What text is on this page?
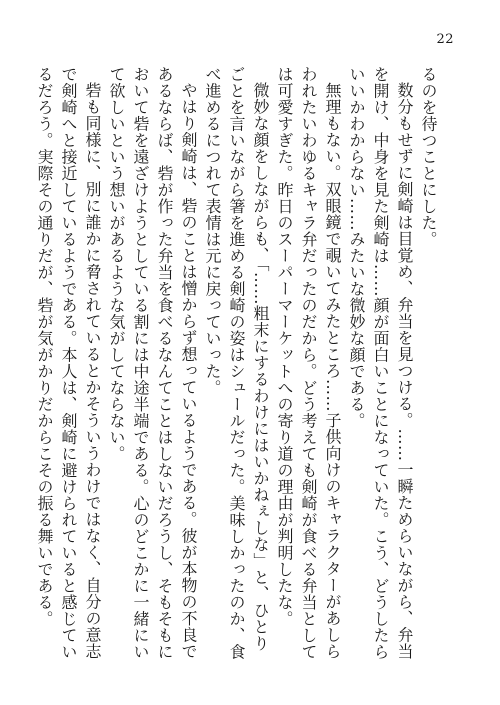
22

るのを待つことにした。

数分もせずに剣崎は目覚め、弁当を見つける。……一瞬ためらいながら、弁当を開け、中身を見た剣崎は……顔が面白いことになっていた。こう、どうしたらいいかわからない……みたいな微妙な顔である。

無理もない。双眼鏡で覗いてみたところ……子供向けのキャラクターがあしらわれたいわゆるキャラ弁だったのだから。どう考えても剣崎が食べる弁当としては可愛すぎた。昨日のスーパーマーケットへの寄り道の理由が判明したな。

微妙な顔をしながらも、「……粗末にするわけにはいかねぇしな」と、ひとりごとを言いながら箸を進める剣崎の姿はシュールだった。美味しかったのか、食べ進めるにつれて表情は元に戻っていった。

やはり剣崎は、砦のことは憎からず想っているようである。彼が本物の不良であるならば、砦が作った弁当を食べるなんてことはしないだろうし、そもそもにおいて砦を遠ざけようとしている割には中途半端である。心のどこかに一緒にいて欲しいという想いがあるような気がしてならない。

砦も同様に、別に誰かに脅されているとかそういうわけではなく、自分の意志で剣崎へと接近しているようである。本人は、剣崎に避けられていると感じているだろう。実際その通りだが、砦が気がかりだからこその振る舞いである。
